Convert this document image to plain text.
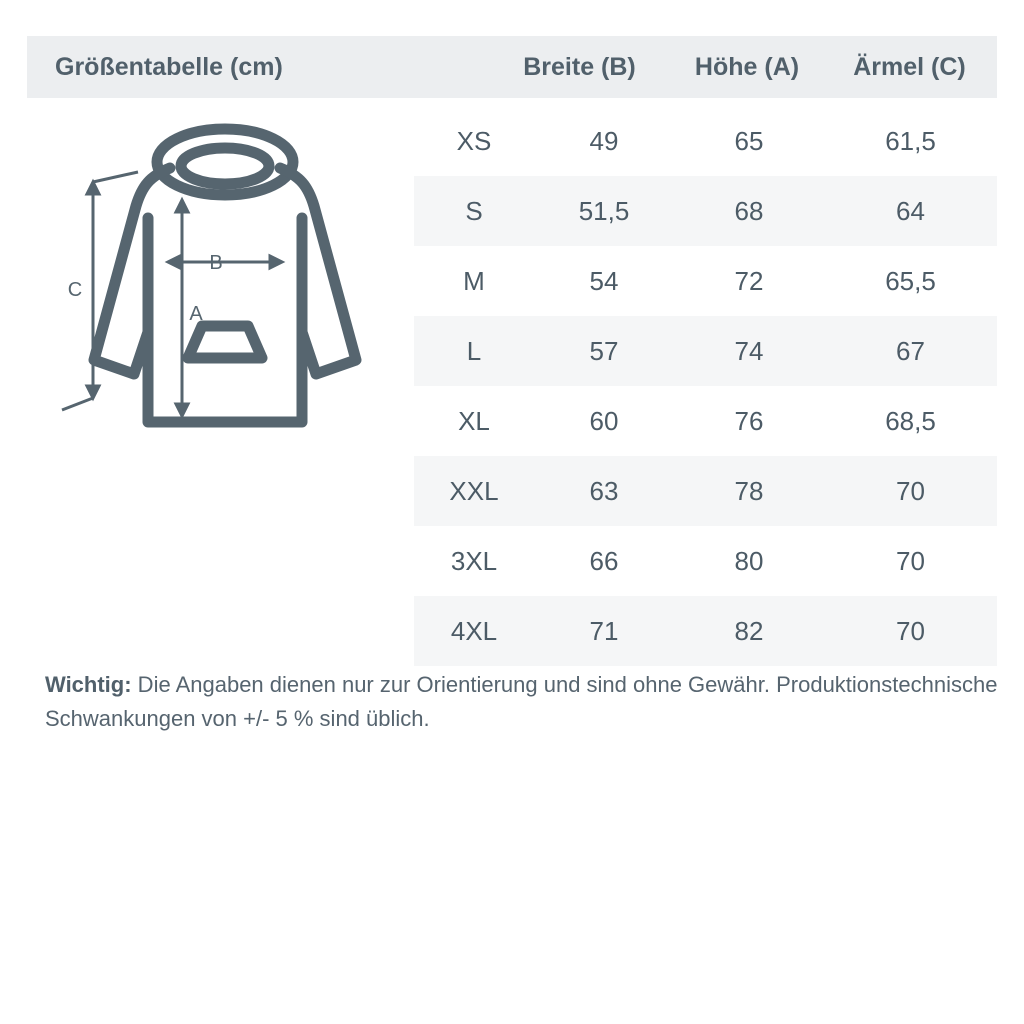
Größentabelle (cm)	Breite (B)	Höhe (A)	Ärmel (C)
B
A
C
XS	49	65	61,5
S	51,5	68	64
M	54	72	65,5
L	57	74	67
XL	60	76	68,5
XXL	63	78	70
3XL	66	80	70
4XL	71	82	70
Wichtig: Die Angaben dienen nur zur Orientierung und sind ohne Gewähr. Produktionstechnische Schwankungen von +/- 5 % sind üblich.
